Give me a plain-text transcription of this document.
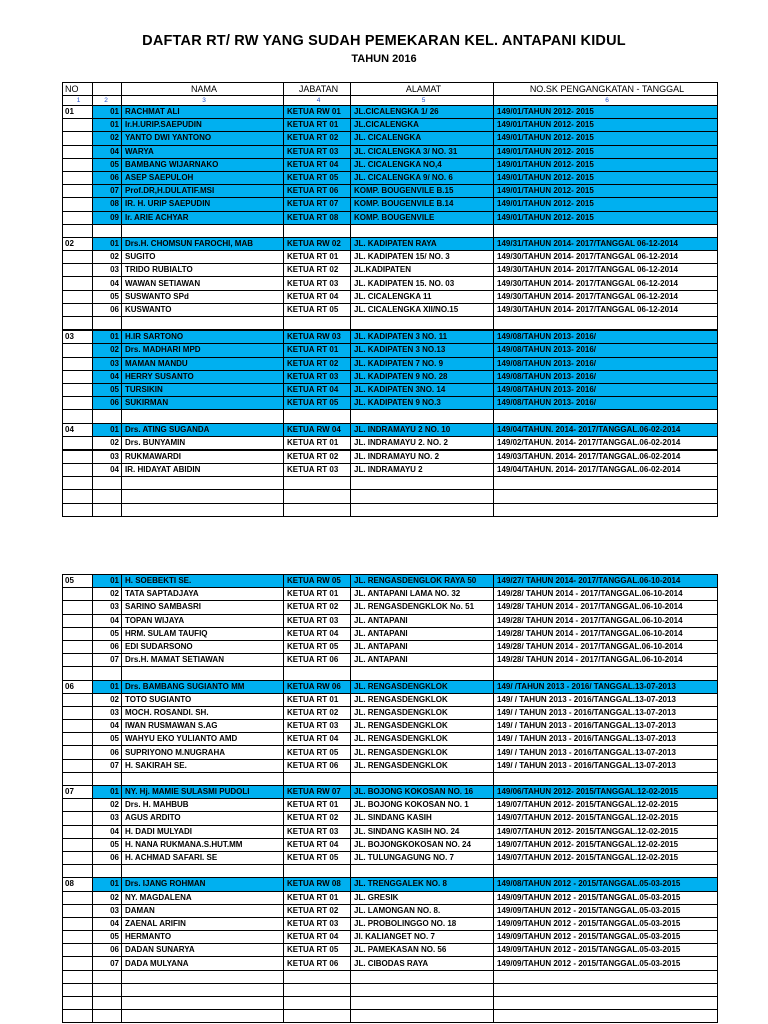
DAFTAR RT/ RW YANG SUDAH PEMEKARAN KEL. ANTAPANI KIDUL
TAHUN 2016
NO		NAMA	JABATAN	ALAMAT	NO.SK PENGANGKATAN - TANGGAL
1	2	3	4	5	6
01	01	RACHMAT ALI	KETUA RW 01	JL.CICALENGKA 1/ 26	149/01/TAHUN 2012- 2015
	01	Ir.H.URIP.SAEPUDIN	KETUA RT 01	JL.CICALENGKA	149/01/TAHUN 2012- 2015
	02	YANTO DWI YANTONO	KETUA RT 02	JL. CICALENGKA	149/01/TAHUN 2012- 2015
	04	WARYA	KETUA RT 03	JL. CICALENGKA 3/ NO. 31	149/01/TAHUN 2012- 2015
	05	BAMBANG WIJARNAKO	KETUA RT 04	JL. CICALENGKA NO,4	149/01/TAHUN 2012- 2015
	06	ASEP SAEPULOH	KETUA RT 05	JL. CICALENGKA 9/ NO. 6	149/01/TAHUN 2012- 2015
	07	Prof.DR,H.DULATIF.MSI	KETUA RT 06	KOMP. BOUGENVILE B.15	149/01/TAHUN 2012- 2015
	08	IR. H. URIP SAEPUDIN	KETUA RT 07	KOMP. BOUGENVILE B.14	149/01/TAHUN 2012- 2015
	09	Ir. ARIE ACHYAR	KETUA RT 08	KOMP. BOUGENVILE	149/01/TAHUN 2012- 2015

02	01	Drs.H. CHOMSUN FAROCHI, MAB	KETUA RW 02	JL. KADIPATEN RAYA	149/31/TAHUN 2014- 2017/TANGGAL 06-12-2014
	02	SUGITO	KETUA RT 01	JL. KADIPATEN 15/ NO. 3	149/30/TAHUN 2014- 2017/TANGGAL 06-12-2014
	03	TRIDO RUBIALTO	KETUA RT 02	JL.KADIPATEN	149/30/TAHUN 2014- 2017/TANGGAL 06-12-2014
	04	WAWAN SETIAWAN	KETUA RT 03	JL. KADIPATEN 15. NO. 03	149/30/TAHUN 2014- 2017/TANGGAL 06-12-2014
	05	SUSWANTO SPd	KETUA RT 04	JL. CICALENGKA 11	149/30/TAHUN 2014- 2017/TANGGAL 06-12-2014
	06	KUSWANTO	KETUA RT 05	JL. CICALENGKA XII/NO.15	149/30/TAHUN 2014- 2017/TANGGAL 06-12-2014

03	01	H.IR SARTONO	KETUA RW 03	JL. KADIPATEN 3 NO. 11	149/08/TAHUN 2013- 2016/
	02	Drs. MADHARI MPD	KETUA RT 01	JL. KADIPATEN 3 NO.13	149/08/TAHUN 2013- 2016/
	03	MAMAN MANDU	KETUA RT 02	JL. KADIPATEN 7 NO. 9	149/08/TAHUN 2013- 2016/
	04	HERRY SUSANTO	KETUA RT 03	JL. KADIPATEN 9 NO. 28	149/08/TAHUN 2013- 2016/
	05	TURSIKIN	KETUA RT 04	JL. KADIPATEN 3NO. 14	149/08/TAHUN 2013- 2016/
	06	SUKIRMAN	KETUA RT 05	JL. KADIPATEN 9 NO.3	149/08/TAHUN 2013- 2016/

04	01	Drs. ATING SUGANDA	KETUA RW 04	JL. INDRAMAYU 2 NO. 10	149/04/TAHUN. 2014- 2017/TANGGAL.06-02-2014
	02	Drs. BUNYAMIN	KETUA RT 01	JL. INDRAMAYU 2. NO. 2	149/02/TAHUN. 2014- 2017/TANGGAL.06-02-2014
	03	RUKMAWARDI	KETUA RT 02	JL. INDRAMAYU NO. 2	149/03/TAHUN. 2014- 2017/TANGGAL.06-02-2014
	04	IR. HIDAYAT ABIDIN	KETUA RT 03	JL. INDRAMAYU 2	149/04/TAHUN. 2014- 2017/TANGGAL.06-02-2014

05	01	H. SOEBEKTI SE.	KETUA RW 05	JL. RENGASDENGLOK RAYA 50	149/27/ TAHUN 2014- 2017/TANGGAL.06-10-2014
	02	TATA SAPTADJAYA	KETUA RT 01	JL. ANTAPANI LAMA NO. 32	149/28/ TAHUN 2014 - 2017/TANGGAL.06-10-2014
	03	SARINO SAMBASRI	KETUA RT 02	JL. RENGASDENGKLOK No. 51	149/28/ TAHUN 2014 - 2017/TANGGAL.06-10-2014
	04	TOPAN WIJAYA	KETUA RT 03	JL. ANTAPANI	149/28/ TAHUN 2014 - 2017/TANGGAL.06-10-2014
	05	HRM. SULAM TAUFIQ	KETUA RT 04	JL. ANTAPANI	149/28/ TAHUN 2014 - 2017/TANGGAL.06-10-2014
	06	EDI SUDARSONO	KETUA RT 05	JL. ANTAPANI	149/28/ TAHUN 2014 - 2017/TANGGAL.06-10-2014
	07	Drs.H. MAMAT SETIAWAN	KETUA RT 06	JL. ANTAPANI	149/28/ TAHUN 2014 - 2017/TANGGAL.06-10-2014

06	01	Drs. BAMBANG SUGIANTO MM	KETUA RW 06	JL. RENGASDENGKLOK	149/ /TAHUN 2013 - 2016/ TANGGAL.13-07-2013
	02	TOTO SUGIANTO	KETUA RT 01	JL. RENGASDENGKLOK	149/ / TAHUN 2013 - 2016/TANGGAL.13-07-2013
	03	MOCH. ROSANDI. SH.	KETUA RT 02	JL. RENGASDENGKLOK	149/ / TAHUN 2013 - 2016/TANGGAL.13-07-2013
	04	IWAN RUSMAWAN S.AG	KETUA RT 03	JL. RENGASDENGKLOK	149/ / TAHUN 2013 - 2016/TANGGAL.13-07-2013
	05	WAHYU EKO YULIANTO AMD	KETUA RT 04	JL. RENGASDENGKLOK	149/ / TAHUN 2013 - 2016/TANGGAL.13-07-2013
	06	SUPRIYONO M.NUGRAHA	KETUA RT 05	JL. RENGASDENGKLOK	149/ / TAHUN 2013 - 2016/TANGGAL.13-07-2013
	07	H. SAKIRAH SE.	KETUA RT 06	JL. RENGASDENGKLOK	149/ / TAHUN 2013 - 2016/TANGGAL.13-07-2013

07	01	NY. Hj. MAMIE SULASMI PUDOLI	KETUA RW 07	JL. BOJONG KOKOSAN NO. 16	149/06/TAHUN 2012- 2015/TANGGAL.12-02-2015
	02	Drs. H. MAHBUB	KETUA RT 01	JL. BOJONG KOKOSAN NO. 1	149/07/TAHUN 2012- 2015/TANGGAL.12-02-2015
	03	AGUS ARDITO	KETUA RT 02	JL. SINDANG KASIH	149/07/TAHUN 2012- 2015/TANGGAL.12-02-2015
	04	H. DADI MULYADI	KETUA RT 03	JL. SINDANG KASIH NO. 24	149/07/TAHUN 2012- 2015/TANGGAL.12-02-2015
	05	H. NANA RUKMANA.S.HUT.MM	KETUA RT 04	JL. BOJONGKOKOSAN NO. 24	149/07/TAHUN 2012- 2015/TANGGAL.12-02-2015
	06	H. ACHMAD SAFARI. SE	KETUA RT 05	JL. TULUNGAGUNG NO. 7	149/07/TAHUN 2012- 2015/TANGGAL.12-02-2015

08	01	Drs. IJANG ROHMAN	KETUA RW 08	JL. TRENGGALEK NO. 8	149/08/TAHUN 2012 - 2015/TANGGAL.05-03-2015
	02	NY. MAGDALENA	KETUA RT 01	JL. GRESIK	149/09/TAHUN 2012 - 2015/TANGGAL.05-03-2015
	03	DAMAN	KETUA RT 02	JL. LAMONGAN NO. 8.	149/09/TAHUN 2012 - 2015/TANGGAL.05-03-2015
	04	ZAENAL ARIFIN	KETUA RT 03	JL. PROBOLINGGO NO. 18	149/09/TAHUN 2012 - 2015/TANGGAL.05-03-2015
	05	HERMANTO	KETUA RT 04	Jl. KALIANGET NO. 7	149/09/TAHUN 2012 - 2015/TANGGAL.05-03-2015
	06	DADAN SUNARYA	KETUA RT 05	JL. PAMEKASAN NO. 56	149/09/TAHUN 2012 - 2015/TANGGAL.05-03-2015
	07	DADA MULYANA	KETUA RT 06	JL. CIBODAS RAYA	149/09/TAHUN 2012 - 2015/TANGGAL.05-03-2015
